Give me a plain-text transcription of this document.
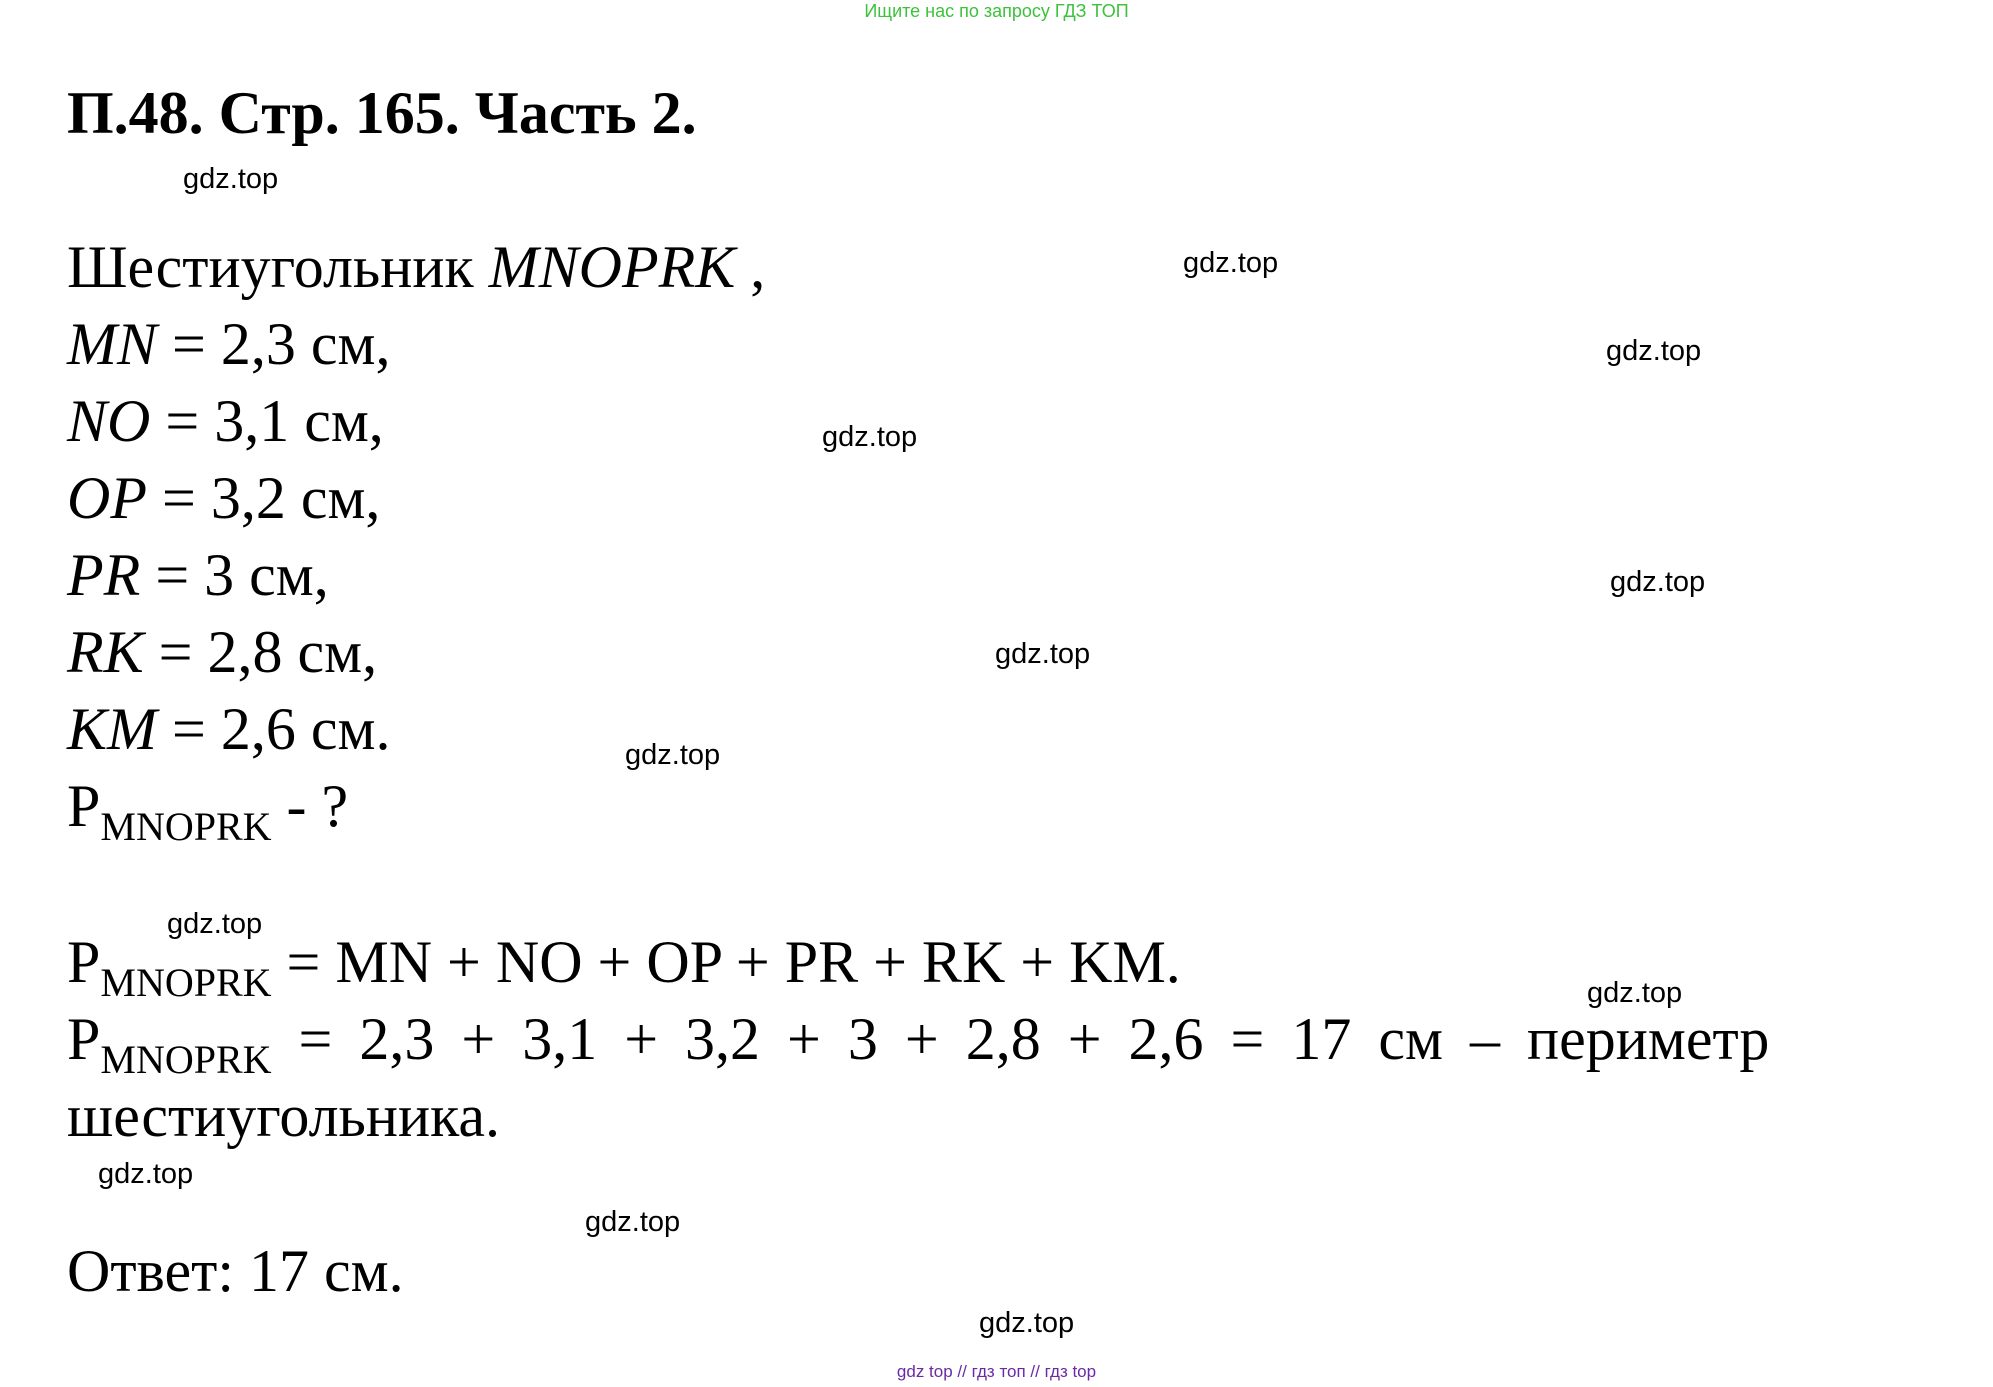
Ищите нас по запросу ГДЗ ТОП
П.48. Стр. 165. Часть 2.
Шестиугольник MNOPRK ,
MN = 2,3 см,
NO = 3,1 см,
OP = 3,2 см,
PR = 3 см,
RK = 2,8 см,
KM = 2,6 см.
$P_{MNOPRK}$ - ?
$P_{MNOPRK}$ = MN + NO + OP + PR + RK + KM.
$P_{MNOPRK} = 2,3 + 3,1 + 3,2 + 3 + 2,8 + 2,6 = 17$ см – периметр
шестиугольника.
Ответ: 17 см.
gdz.top
gdz.top
gdz.top
gdz.top
gdz.top
gdz.top
gdz.top
gdz.top
gdz.top
gdz.top
gdz.top
gdz.top
gdz top // гдз топ // гдз top
